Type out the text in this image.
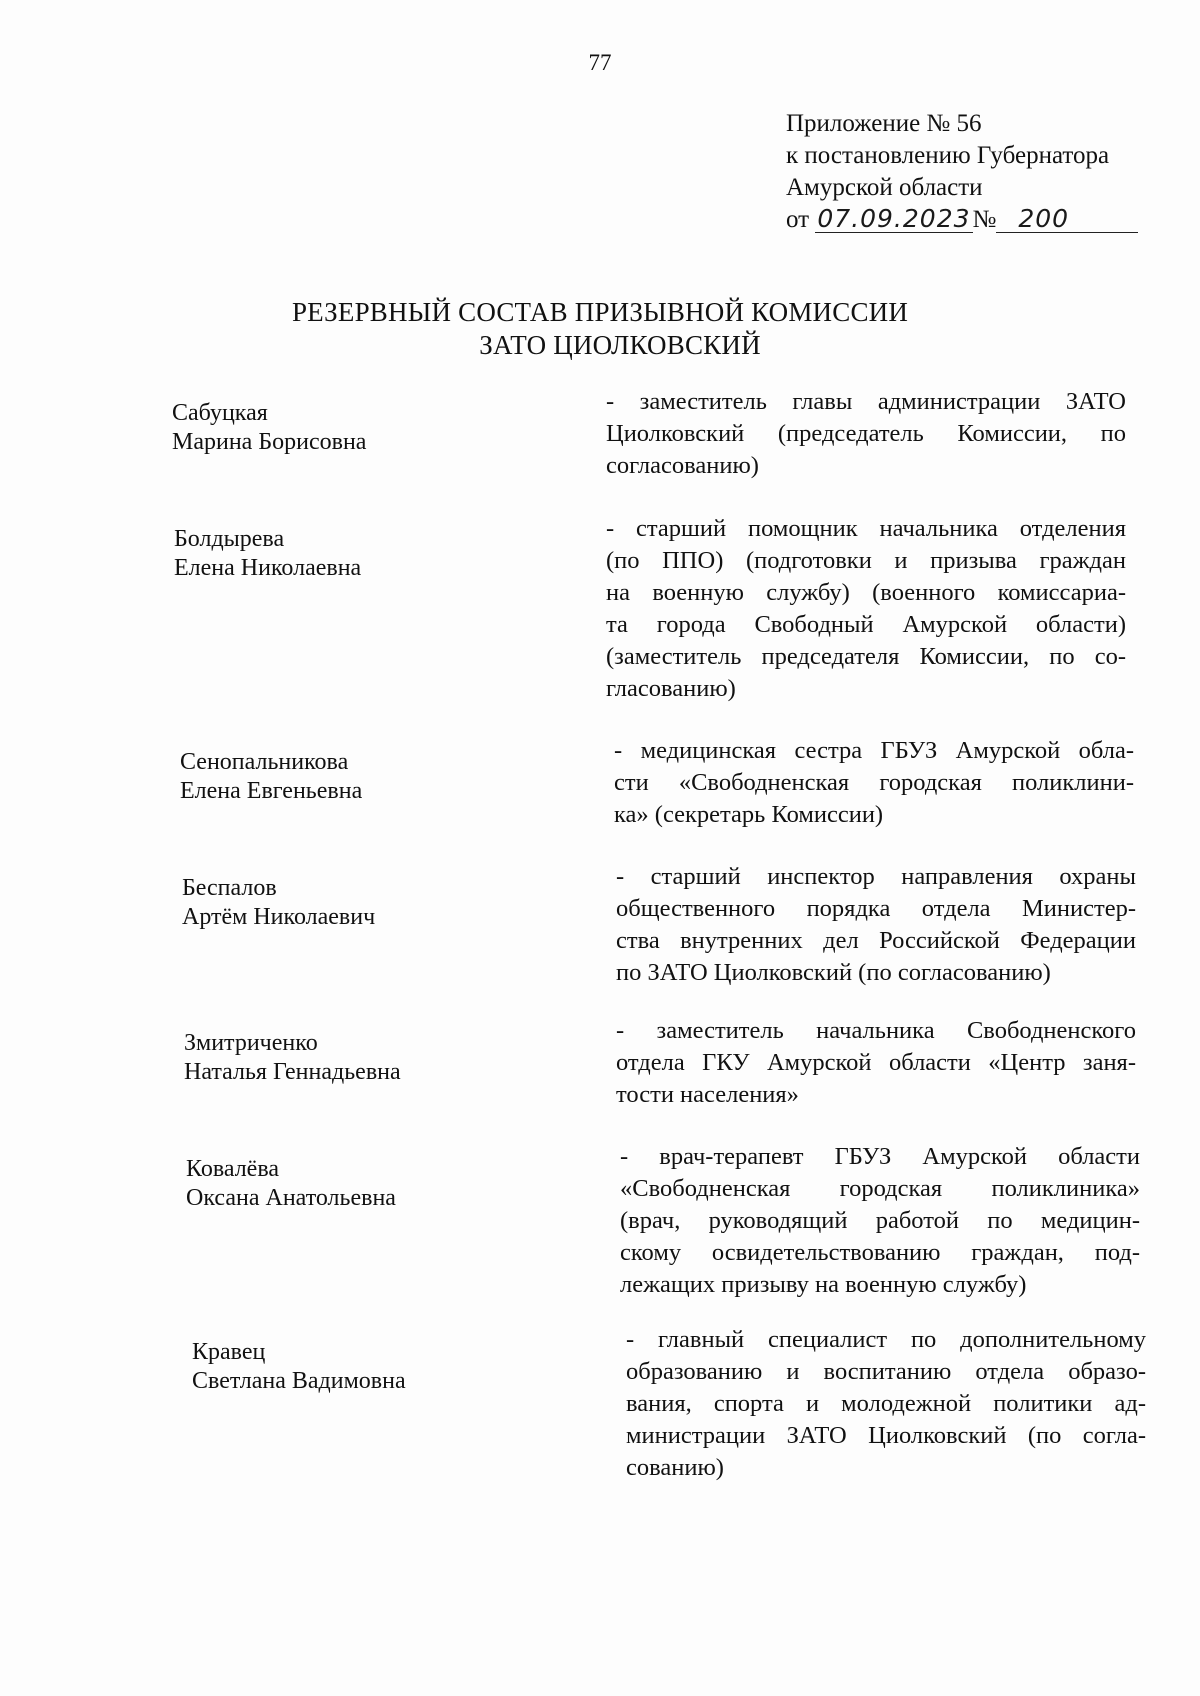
77
Приложение № 56
к постановлению Губернатора
Амурской области
от 07.09.2023№ 200
РЕЗЕРВНЫЙ СОСТАВ ПРИЗЫВНОЙ КОМИССИИ
ЗАТО ЦИОЛКОВСКИЙ
Сабуцкая
Марина Борисовна
- заместитель главы администрации ЗАТО
Циолковский (председатель Комиссии, по
согласованию)
Болдырева
Елена Николаевна
- старший помощник начальника отделения
(по ППО) (подготовки и призыва граждан
на военную службу) (военного комиссариа-
та города Свободный Амурской области)
(заместитель председателя Комиссии, по со-
гласованию)
Сенопальникова
Елена Евгеньевна
- медицинская сестра ГБУЗ Амурской обла-
сти «Свободненская городская поликлини-
ка» (секретарь Комиссии)
Беспалов
Артём Николаевич
- старший инспектор направления охраны
общественного порядка отдела Министер-
ства внутренних дел Российской Федерации
по ЗАТО Циолковский (по согласованию)
Змитриченко
Наталья Геннадьевна
- заместитель начальника Свободненского
отдела ГКУ Амурской области «Центр заня-
тости населения»
Ковалёва
Оксана Анатольевна
- врач-терапевт ГБУЗ Амурской области
«Свободненская городская поликлиника»
(врач, руководящий работой по медицин-
скому освидетельствованию граждан, под-
лежащих призыву на военную службу)
Кравец
Светлана Вадимовна
- главный специалист по дополнительному
образованию и воспитанию отдела образо-
вания, спорта и молодежной политики ад-
министрации ЗАТО Циолковский (по согла-
сованию)
